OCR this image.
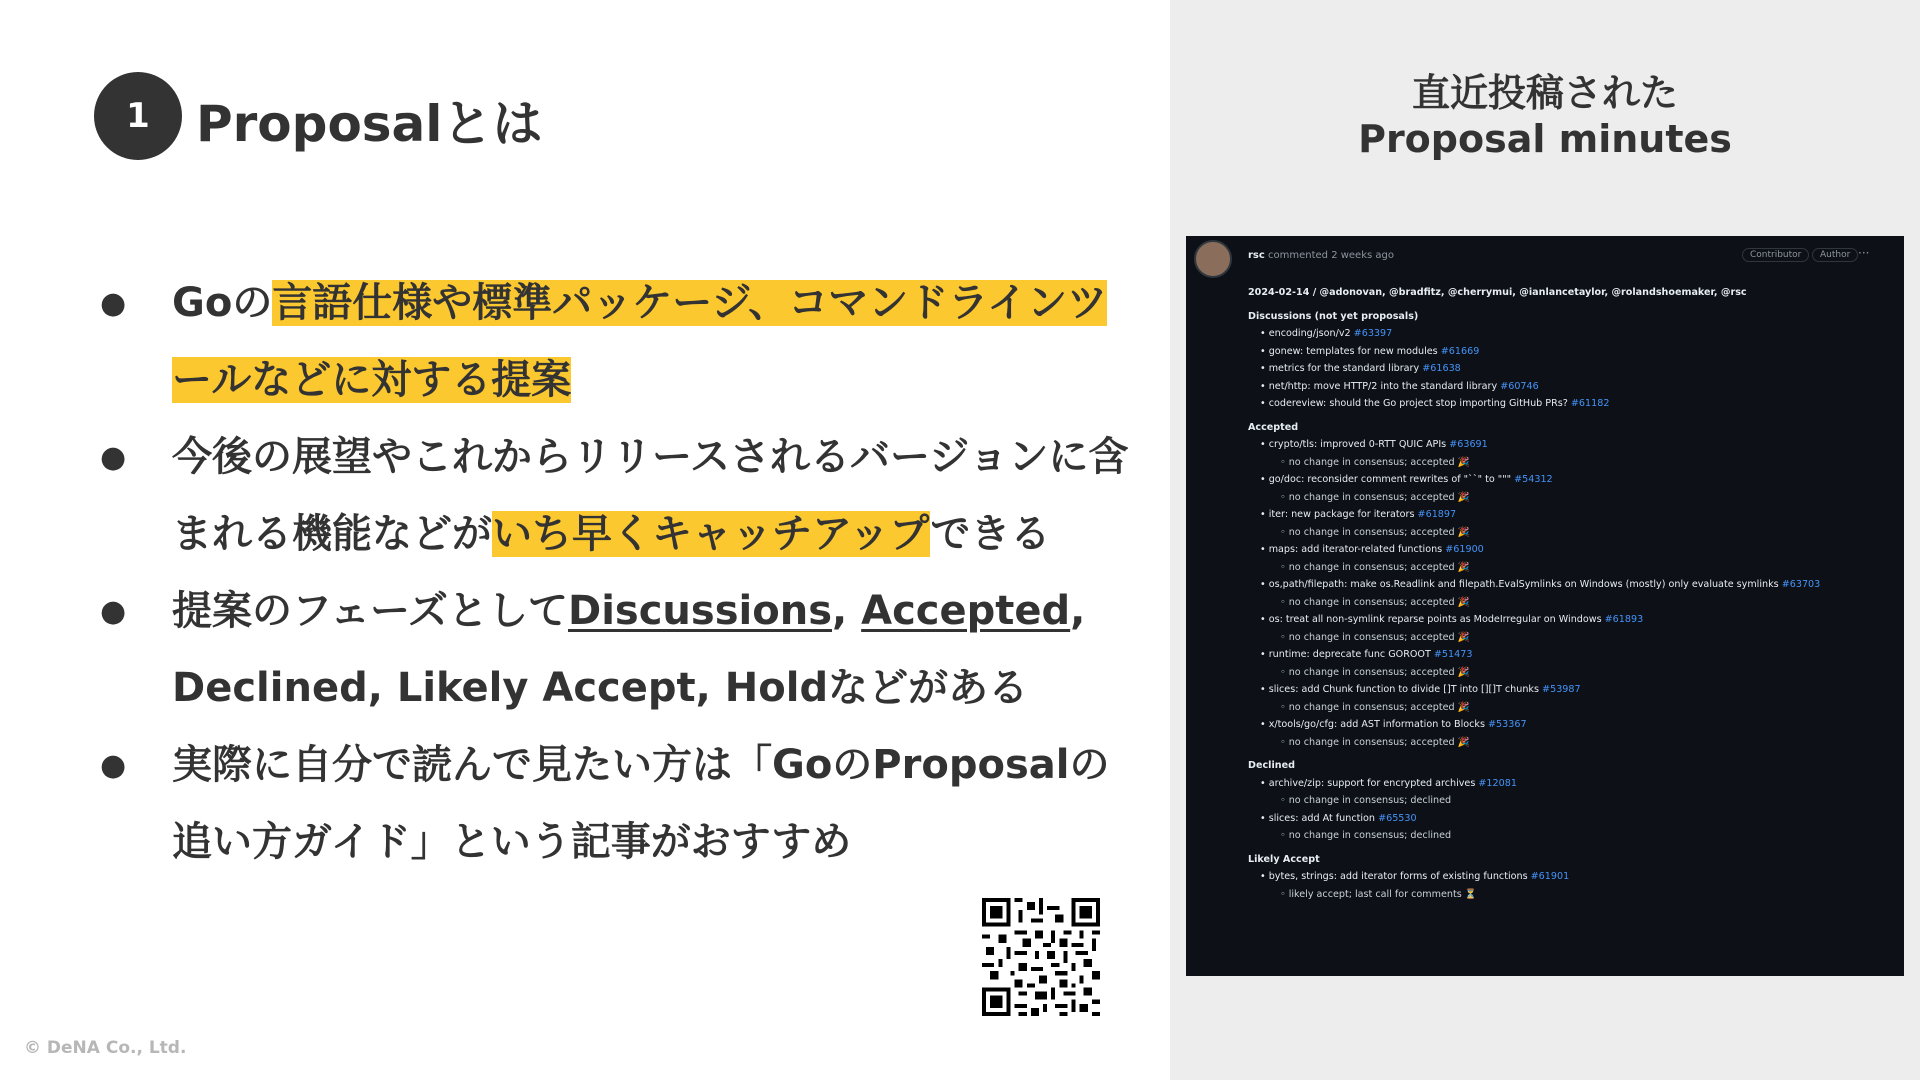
1 Proposalとは
● Goの言語仕様や標準パッケージ、コマンドラインツールなどに対する提案
● 今後の展望やこれからリリースされるバージョンに含まれる機能などがいち早くキャッチアップできる
● 提案のフェーズとしてDiscussions, Accepted, Declined, Likely Accept, Holdなどがある
● 実際に自分で読んで見たい方は「GoのProposalの追い方ガイド」という記事がおすすめ
© DeNA Co., Ltd.
直近投稿された
Proposal minutes
rsc commented 2 weeks ago	Contributor	Author ···
2024-02-14 / @adonovan, @bradfitz, @cherrymui, @ianlancetaylor, @rolandshoemaker, @rsc
Discussions (not yet proposals)
• encoding/json/v2 #63397
• gonew: templates for new modules #61669
• metrics for the standard library #61638
• net/http: move HTTP/2 into the standard library #60746
• codereview: should the Go project stop importing GitHub PRs? #61182
Accepted
• crypto/tls: improved 0-RTT QUIC APIs #63691
◦ no change in consensus; accepted 🎉
• go/doc: reconsider comment rewrites of "``" to """ #54312
◦ no change in consensus; accepted 🎉
• iter: new package for iterators #61897
◦ no change in consensus; accepted 🎉
• maps: add iterator-related functions #61900
◦ no change in consensus; accepted 🎉
• os,path/filepath: make os.Readlink and filepath.EvalSymlinks on Windows (mostly) only evaluate symlinks #63703
◦ no change in consensus; accepted 🎉
• os: treat all non-symlink reparse points as ModeIrregular on Windows #61893
◦ no change in consensus; accepted 🎉
• runtime: deprecate func GOROOT #51473
◦ no change in consensus; accepted 🎉
• slices: add Chunk function to divide []T into [][]T chunks #53987
◦ no change in consensus; accepted 🎉
• x/tools/go/cfg: add AST information to Blocks #53367
◦ no change in consensus; accepted 🎉
Declined
• archive/zip: support for encrypted archives #12081
◦ no change in consensus; declined
• slices: add At function #65530
◦ no change in consensus; declined
Likely Accept
• bytes, strings: add iterator forms of existing functions #61901
◦ likely accept; last call for comments ⏳
